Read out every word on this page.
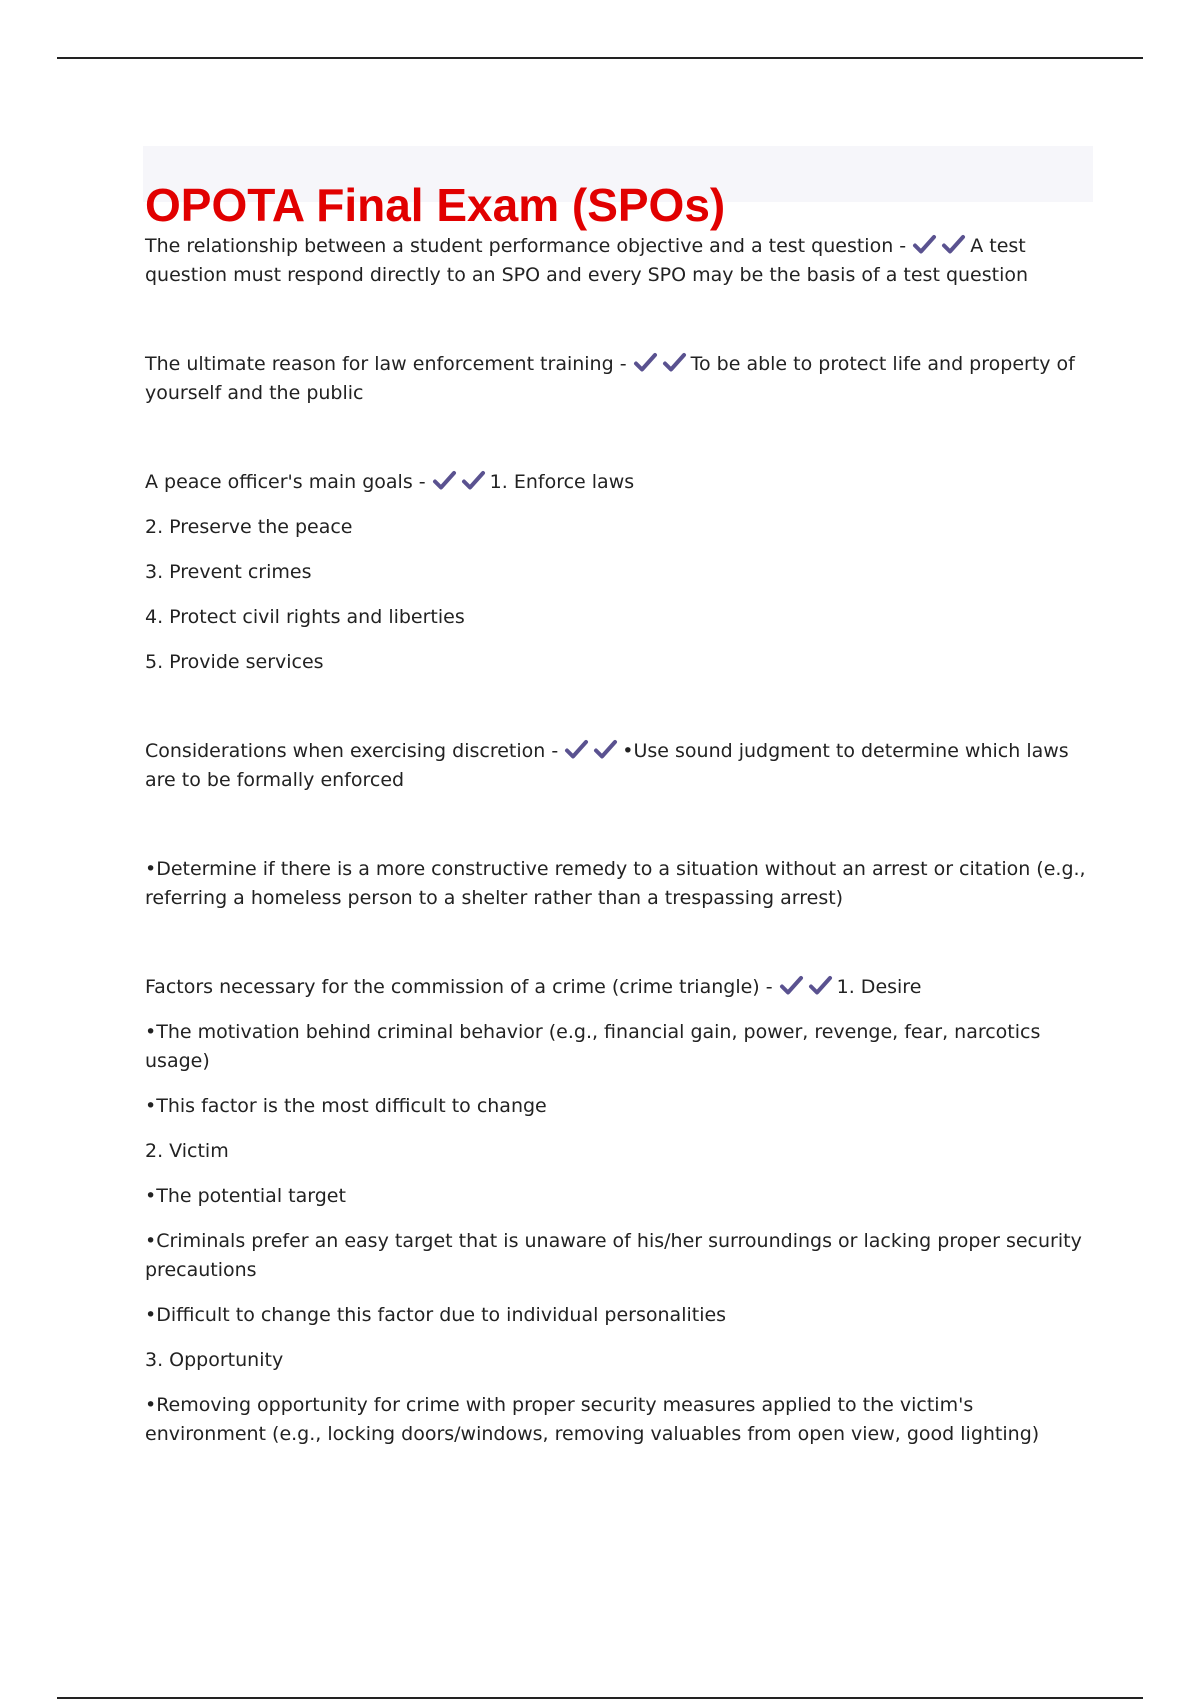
OPOTA Final Exam (SPOs)

The relationship between a student performance objective and a test question -	A test question must respond directly to an SPO and every SPO may be the basis of a test question

The ultimate reason for law enforcement training -	To be able to protect life and property of yourself and the public

A peace officer's main goals -	1. Enforce laws

2. Preserve the peace

3. Prevent crimes

4. Protect civil rights and liberties

5. Provide services

Considerations when exercising discretion -	•Use sound judgment to determine which laws are to be formally enforced

•Determine if there is a more constructive remedy to a situation without an arrest or citation (e.g., referring a homeless person to a shelter rather than a trespassing arrest)

Factors necessary for the commission of a crime (crime triangle) -	1. Desire

•The motivation behind criminal behavior (e.g., financial gain, power, revenge, fear, narcotics usage)

•This factor is the most difficult to change

2. Victim

•The potential target

•Criminals prefer an easy target that is unaware of his/her surroundings or lacking proper security precautions

•Difficult to change this factor due to individual personalities

3. Opportunity

•Removing opportunity for crime with proper security measures applied to the victim's environment (e.g., locking doors/windows, removing valuables from open view, good lighting)
